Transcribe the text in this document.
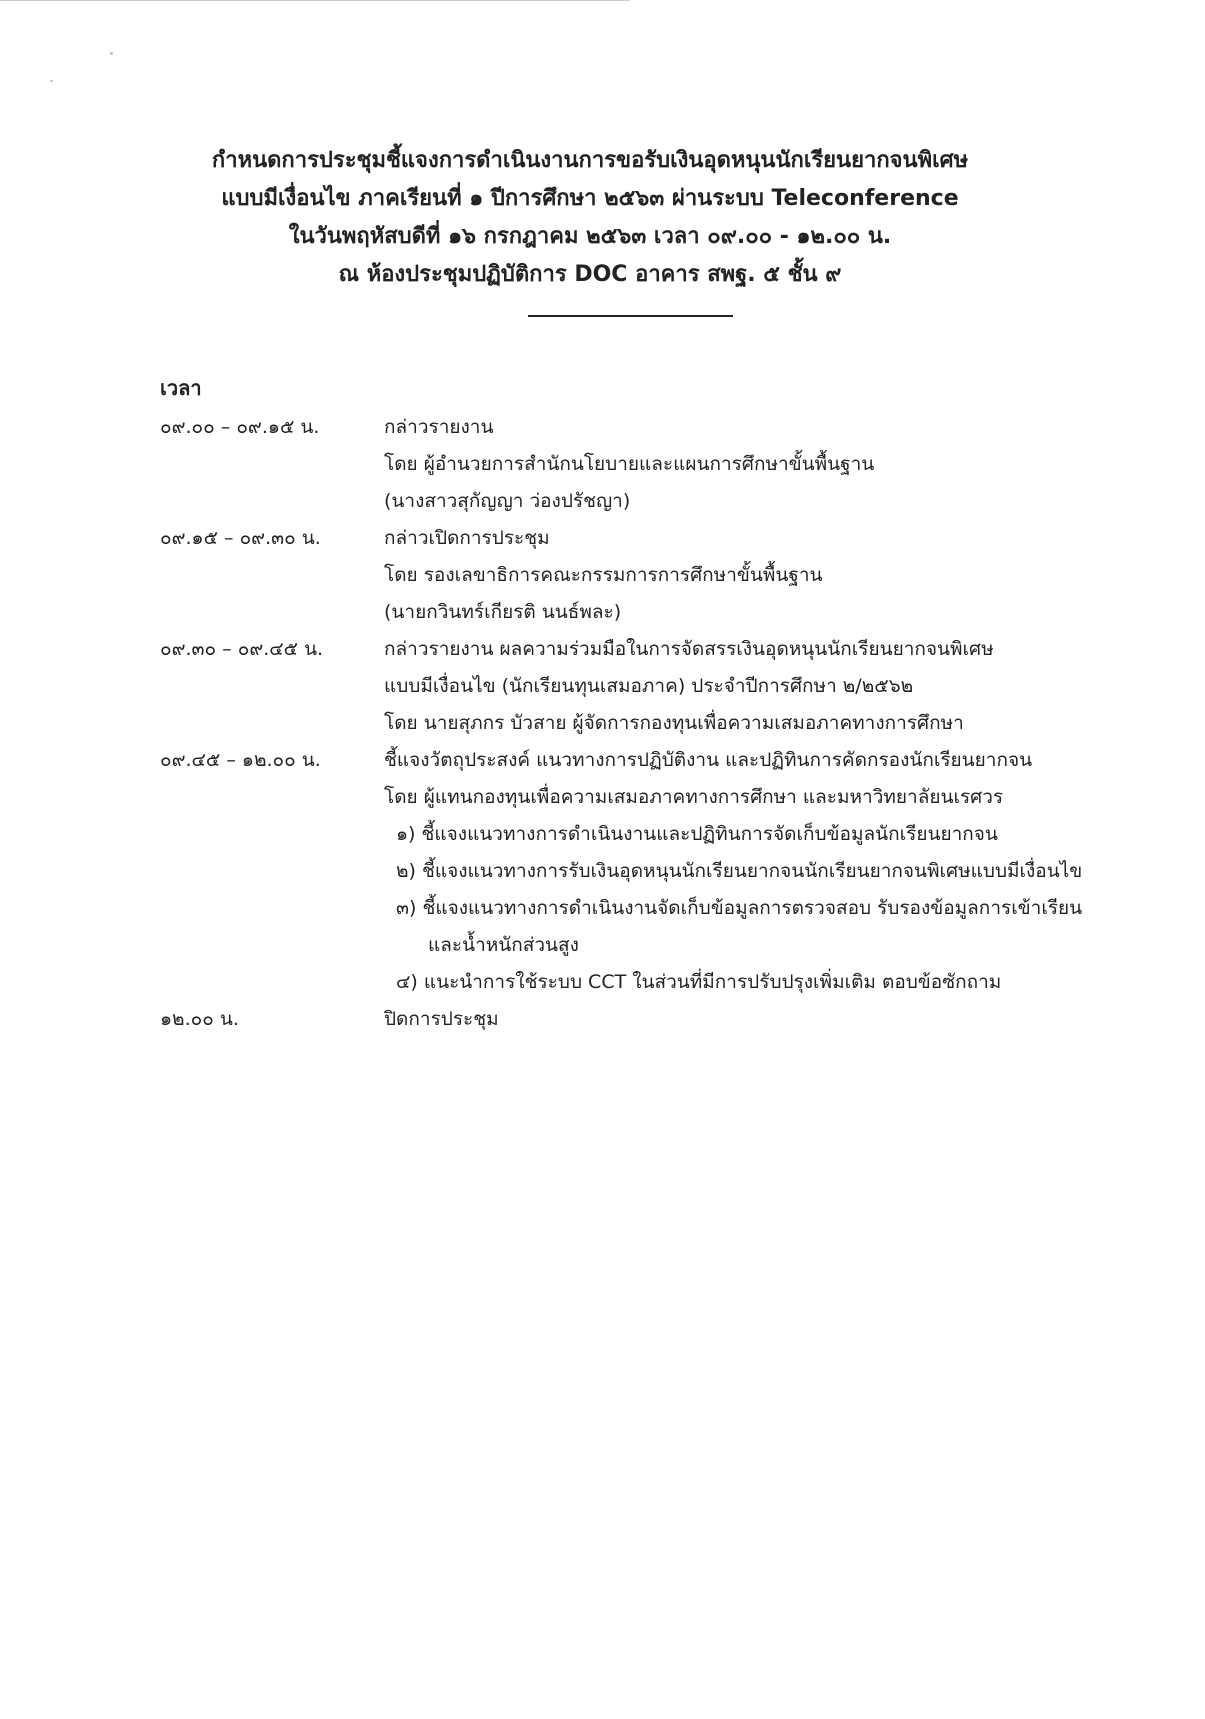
กำหนดการประชุมชี้แจงการดำเนินงานการขอรับเงินอุดหนุนนักเรียนยากจนพิเศษ
แบบมีเงื่อนไข ภาคเรียนที่ ๑ ปีการศึกษา ๒๕๖๓ ผ่านระบบ Teleconference
ในวันพฤหัสบดีที่ ๑๖ กรกฎาคม ๒๕๖๓ เวลา ๐๙.๐๐ - ๑๒.๐๐ น.
ณ ห้องประชุมปฏิบัติการ DOC อาคาร สพฐ. ๕ ชั้น ๙
เวลา
๐๙.๐๐ – ๐๙.๑๕ น.	กล่าวรายงาน
โดย ผู้อำนวยการสำนักนโยบายและแผนการศึกษาขั้นพื้นฐาน
(นางสาวสุกัญญา ว่องปรัชญา)
๐๙.๑๕ – ๐๙.๓๐ น.	กล่าวเปิดการประชุม
โดย รองเลขาธิการคณะกรรมการการศึกษาขั้นพื้นฐาน
(นายกวินทร์เกียรติ นนธ์พละ)
๐๙.๓๐ – ๐๙.๔๕ น.	กล่าวรายงาน ผลความร่วมมือในการจัดสรรเงินอุดหนุนนักเรียนยากจนพิเศษ
แบบมีเงื่อนไข (นักเรียนทุนเสมอภาค) ประจำปีการศึกษา ๒/๒๕๖๒
โดย นายสุภกร บัวสาย ผู้จัดการกองทุนเพื่อความเสมอภาคทางการศึกษา
๐๙.๔๕ – ๑๒.๐๐ น.	ชี้แจงวัตถุประสงค์ แนวทางการปฏิบัติงาน และปฏิทินการคัดกรองนักเรียนยากจน
โดย ผู้แทนกองทุนเพื่อความเสมอภาคทางการศึกษา และมหาวิทยาลัยนเรศวร
๑) ชี้แจงแนวทางการดำเนินงานและปฏิทินการจัดเก็บข้อมูลนักเรียนยากจน
๒) ชี้แจงแนวทางการรับเงินอุดหนุนนักเรียนยากจนนักเรียนยากจนพิเศษแบบมีเงื่อนไข
๓) ชี้แจงแนวทางการดำเนินงานจัดเก็บข้อมูลการตรวจสอบ รับรองข้อมูลการเข้าเรียน
และน้ำหนักส่วนสูง
๔) แนะนำการใช้ระบบ CCT ในส่วนที่มีการปรับปรุงเพิ่มเติม ตอบข้อซักถาม
๑๒.๐๐ น.	ปิดการประชุม
